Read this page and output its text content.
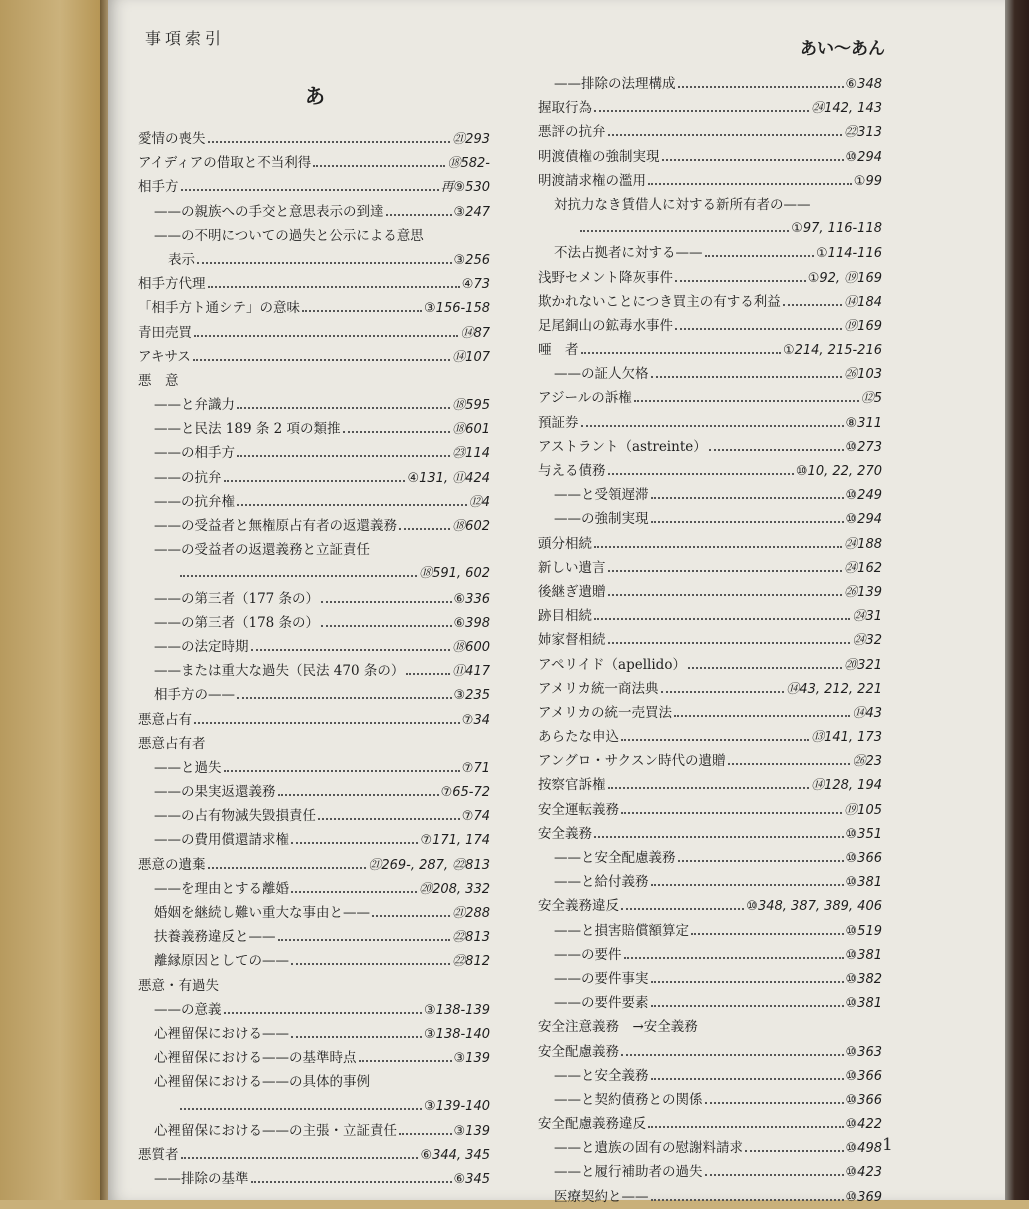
事項索引
あい〜あん
あ
愛情の喪失	㉑293
アイディアの借取と不当利得	⑱582-
相手方	再⑨530
——の親族への手交と意思表示の到達	③247
——の不明についての過失と公示による意思
表示	③256
相手方代理	④73
「相手方ト通シテ」の意味	③156-158
青田売買	⑭87
アキサス	⑭107
悪　意
——と弁識力	⑱595
——と民法 189 条 2 項の類推	⑱601
——の相手方	㉓114
——の抗弁	④131, ⑪424
——の抗弁権	⑫4
——の受益者と無権原占有者の返還義務	⑱602
——の受益者の返還義務と立証責任
⑱591, 602
——の第三者（177 条の）	⑥336
——の第三者（178 条の）	⑥398
——の法定時期	⑱600
——または重大な過失（民法 470 条の）	⑪417
相手方の——	③235
悪意占有	⑦34
悪意占有者
——と過失	⑦71
——の果実返還義務	⑦65-72
——の占有物滅失毀損責任	⑦74
——の費用償還請求権	⑦171, 174
悪意の遺棄	㉑269-, 287, ㉒813
——を理由とする離婚	⑳208, 332
婚姻を継続し難い重大な事由と——	㉑288
扶養義務違反と——	㉒813
離縁原因としての——	㉒812
悪意・有過失
——の意義	③138-139
心裡留保における——	③138-140
心裡留保における——の基準時点	③139
心裡留保における——の具体的事例
③139-140
心裡留保における——の主張・立証責任	③139
悪質者	⑥344, 345
——排除の基準	⑥345
——排除の法理構成	⑥348
握取行為	㉔142, 143
悪評の抗弁	㉒313
明渡債権の強制実現	⑩294
明渡請求権の濫用	①99
対抗力なき賃借人に対する新所有者の——
①97, 116-118
不法占拠者に対する——	①114-116
浅野セメント降灰事件	①92, ⑲169
欺かれないことにつき買主の有する利益	⑭184
足尾銅山の鉱毒水事件	⑲169
唖　者	①214, 215-216
——の証人欠格	㉖103
アジールの訴権	⑫5
預証券	⑧311
アストラント（astreinte）	⑩273
与える債務	⑩10, 22, 270
——と受領遅滞	⑩249
——の強制実現	⑩294
頭分相続	㉔188
新しい遺言	㉔162
後継ぎ遺贈	㉖139
跡目相続	㉔31
姉家督相続	㉔32
アペリイド（apellido）	⑳321
アメリカ統一商法典	⑭43, 212, 221
アメリカの統一売買法	⑭43
あらたな申込	⑬141, 173
アングロ・サクスン時代の遺贈	㉖23
按察官訴権	⑭128, 194
安全運転義務	⑲105
安全義務	⑩351
——と安全配慮義務	⑩366
——と給付義務	⑩381
安全義務違反	⑩348, 387, 389, 406
——と損害賠償額算定	⑩519
——の要件	⑩381
——の要件事実	⑩382
——の要件要素	⑩381
安全注意義務　→安全義務
安全配慮義務	⑩363
——と安全義務	⑩366
——と契約債務との関係	⑩366
安全配慮義務違反	⑩422
——と遺族の固有の慰謝料請求	⑩498
——と履行補助者の過失	⑩423
医療契約と——	⑩369
1
